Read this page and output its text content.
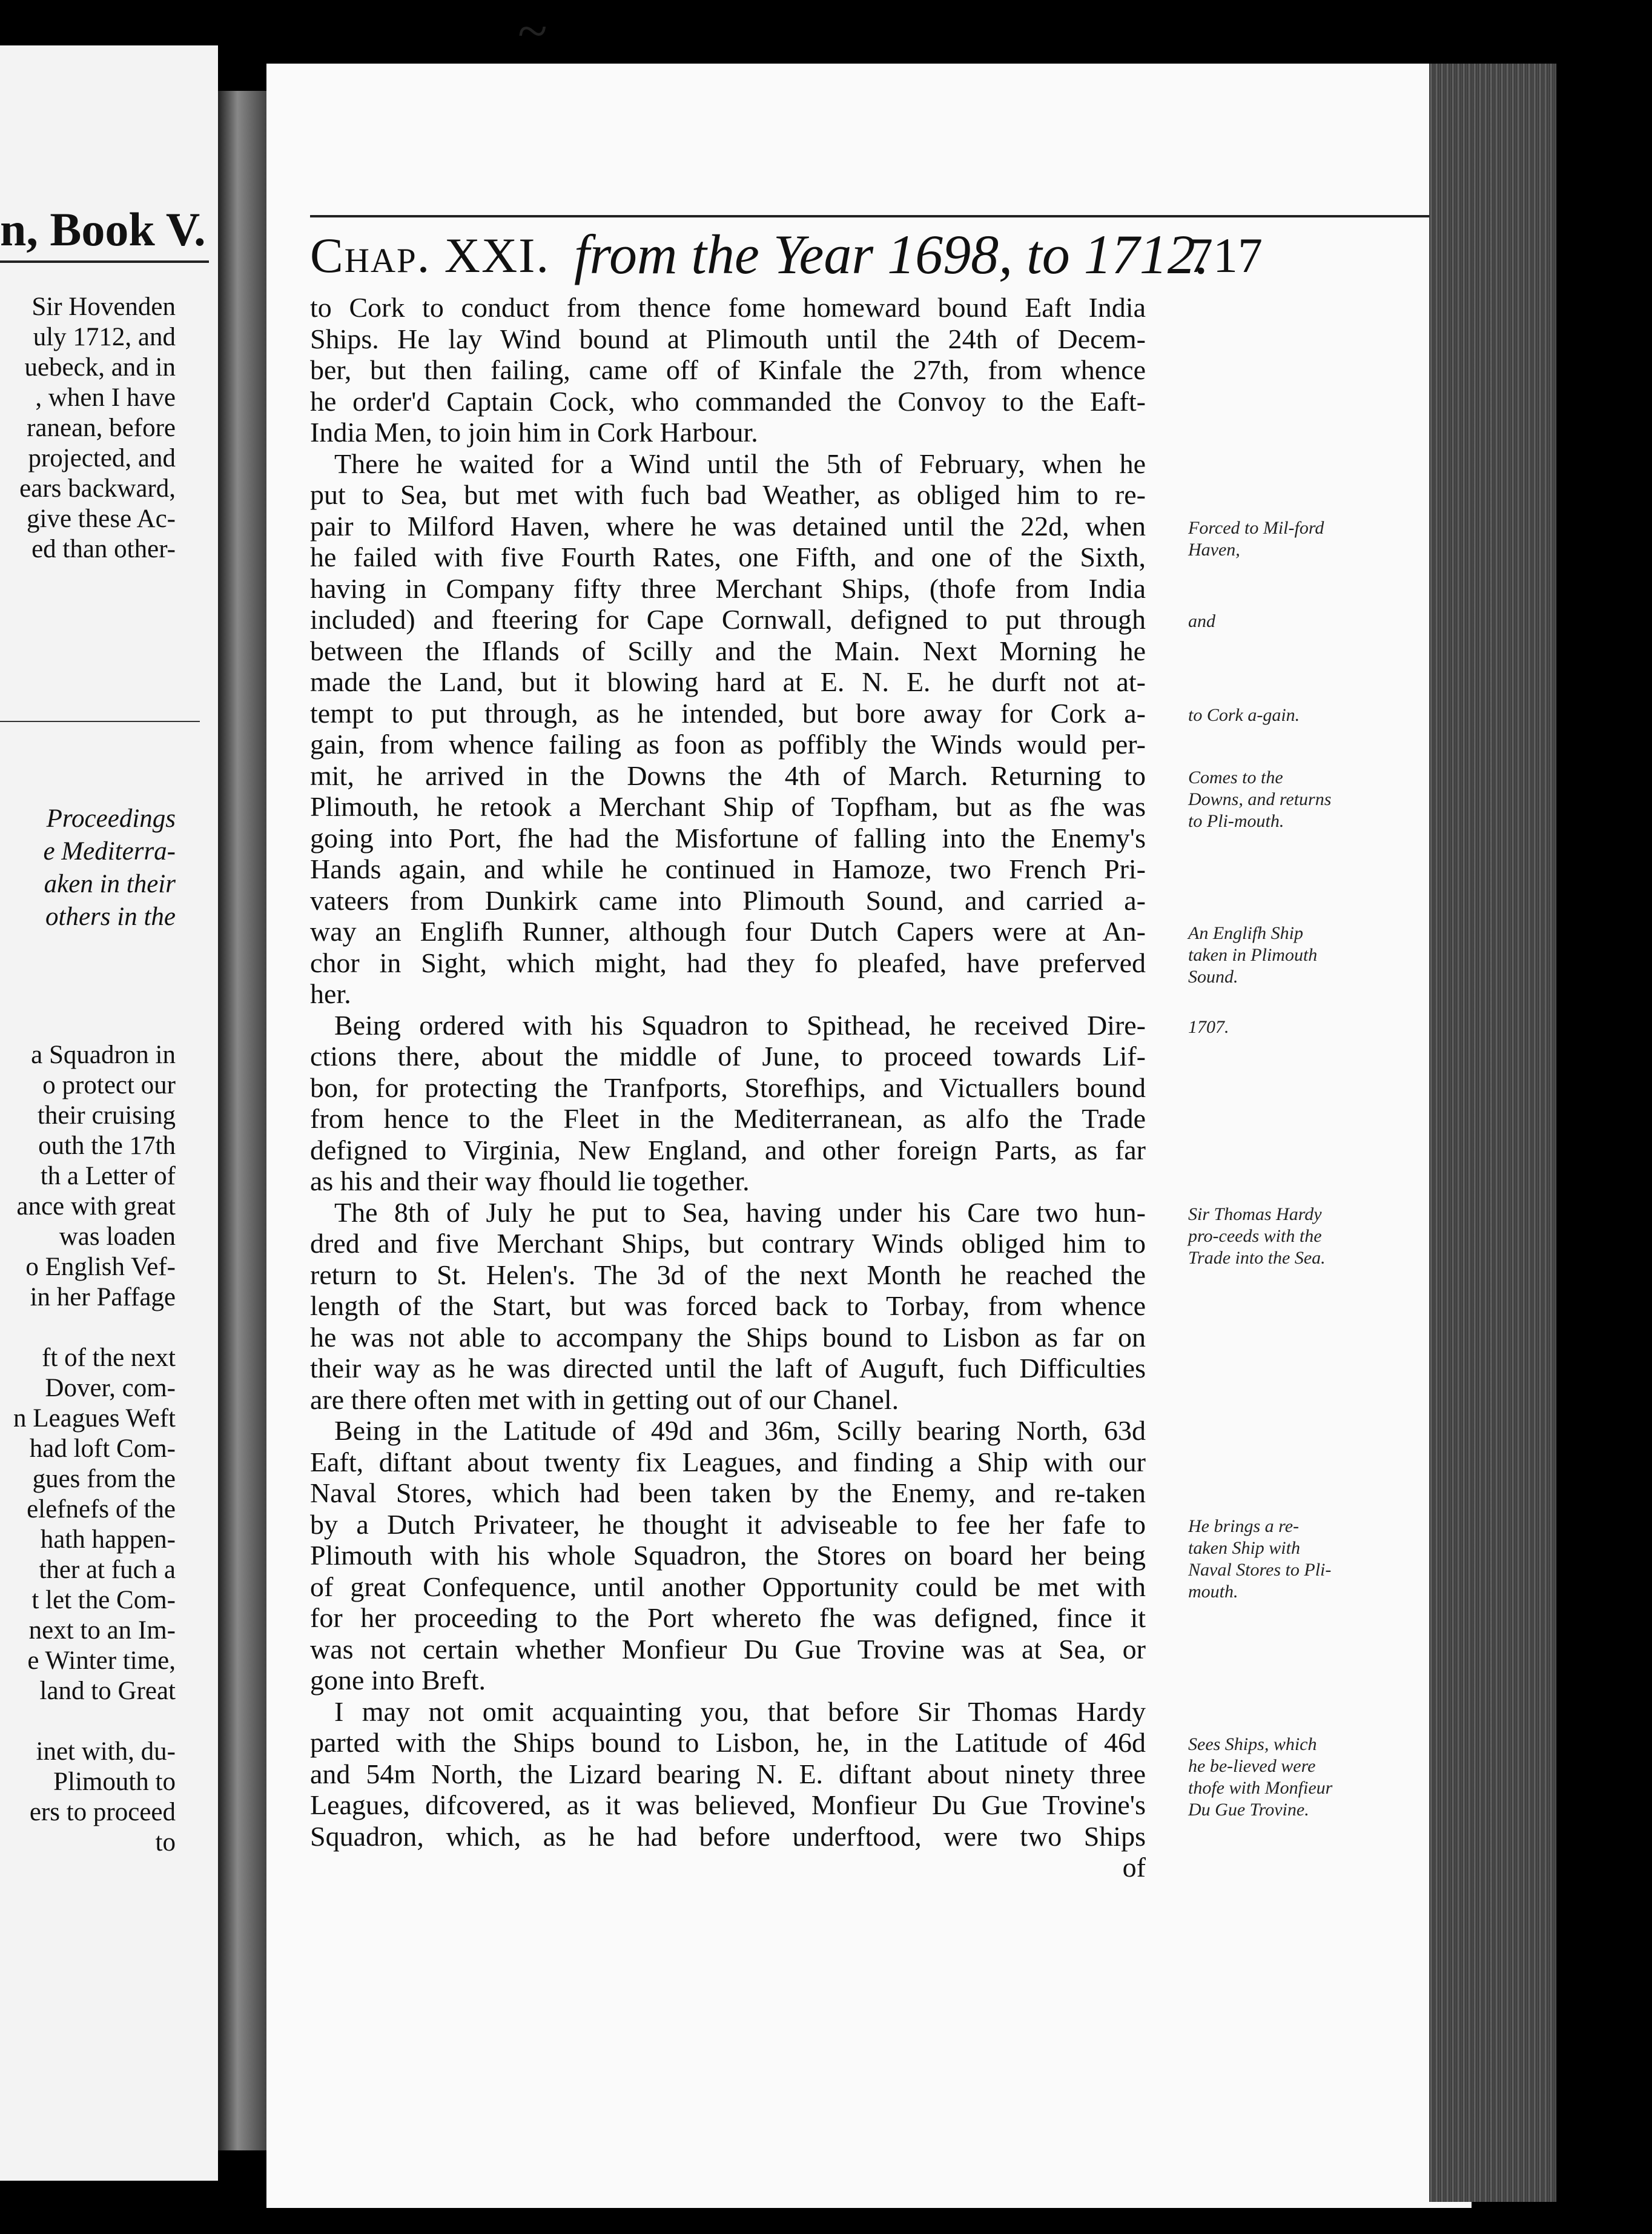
n, Book V.
Sir Hovenden
uly 1712, and
uebeck, and in
, when I have
ranean, before
projected, and
ears backward,
give these Ac-
ed than other-
Proceedings
e Mediterra-
aken in their
others in the
a Squadron in
o protect our
their cruising
outh the 17th
th a Letter of
ance with great
was loaden
o English Vef-
in her Paffage
ft of the next
Dover, com-
n Leagues Weft
had loft Com-
gues from the
elefnefs of the
hath happen-
ther at fuch a
t let the Com-
next to an Im-
e Winter time,
land to Great
inet with, du-
Plimouth to
ers to proceed
to
Chap. XXI. from the Year 1698, to 1712.
717
to Cork to conduct from thence fome homeward bound Eaft India
Ships. He lay Wind bound at Plimouth until the 24th of Decem-
ber, but then failing, came off of Kinfale the 27th, from whence
he order'd Captain Cock, who commanded the Convoy to the Eaft-
India Men, to join him in Cork Harbour.
There he waited for a Wind until the 5th of February, when he
put to Sea, but met with fuch bad Weather, as obliged him to re-
pair to Milford Haven, where he was detained until the 22d, when
he failed with five Fourth Rates, one Fifth, and one of the Sixth,
having in Company fifty three Merchant Ships, (thofe from India
included) and fteering for Cape Cornwall, defigned to put through
between the Iflands of Scilly and the Main. Next Morning he
made the Land, but it blowing hard at E. N. E. he durft not at-
tempt to put through, as he intended, but bore away for Cork a-
gain, from whence failing as foon as poffibly the Winds would per-
mit, he arrived in the Downs the 4th of March. Returning to
Plimouth, he retook a Merchant Ship of Topfham, but as fhe was
going into Port, fhe had the Misfortune of falling into the Enemy's
Hands again, and while he continued in Hamoze, two French Pri-
vateers from Dunkirk came into Plimouth Sound, and carried a-
way an Englifh Runner, although four Dutch Capers were at An-
chor in Sight, which might, had they fo pleafed, have preferved
her.
Being ordered with his Squadron to Spithead, he received Dire-
ctions there, about the middle of June, to proceed towards Lif-
bon, for protecting the Tranfports, Storefhips, and Victuallers bound
from hence to the Fleet in the Mediterranean, as alfo the Trade
defigned to Virginia, New England, and other foreign Parts, as far
as his and their way fhould lie together.
The 8th of July he put to Sea, having under his Care two hun-
dred and five Merchant Ships, but contrary Winds obliged him to
return to St. Helen's. The 3d of the next Month he reached the
length of the Start, but was forced back to Torbay, from whence
he was not able to accompany the Ships bound to Lisbon as far on
their way as he was directed until the laft of Auguft, fuch Difficulties
are there often met with in getting out of our Chanel.
Being in the Latitude of 49d and 36m, Scilly bearing North, 63d
Eaft, diftant about twenty fix Leagues, and finding a Ship with our
Naval Stores, which had been taken by the Enemy, and re-taken
by a Dutch Privateer, he thought it adviseable to fee her fafe to
Plimouth with his whole Squadron, the Stores on board her being
of great Confequence, until another Opportunity could be met with
for her proceeding to the Port whereto fhe was defigned, fince it
was not certain whether Monfieur Du Gue Trovine was at Sea, or
gone into Breft.
I may not omit acquainting you, that before Sir Thomas Hardy
parted with the Ships bound to Lisbon, he, in the Latitude of 46d
and 54m North, the Lizard bearing N. E. diftant about ninety three
Leagues, difcovered, as it was believed, Monfieur Du Gue Trovine's
Squadron, which, as he had before underftood, were two Ships
of
Forced to Mil-ford Haven,
and
to Cork a-gain.
Comes to the Downs, and returns to Pli-mouth.
An Englifh Ship taken in Plimouth Sound.
1707.
Sir Thomas Hardy pro-ceeds with the Trade into the Sea.
He brings a re-taken Ship with Naval Stores to Pli-mouth.
Sees Ships, which he be-lieved were thofe with Monfieur Du Gue Trovine.
~
